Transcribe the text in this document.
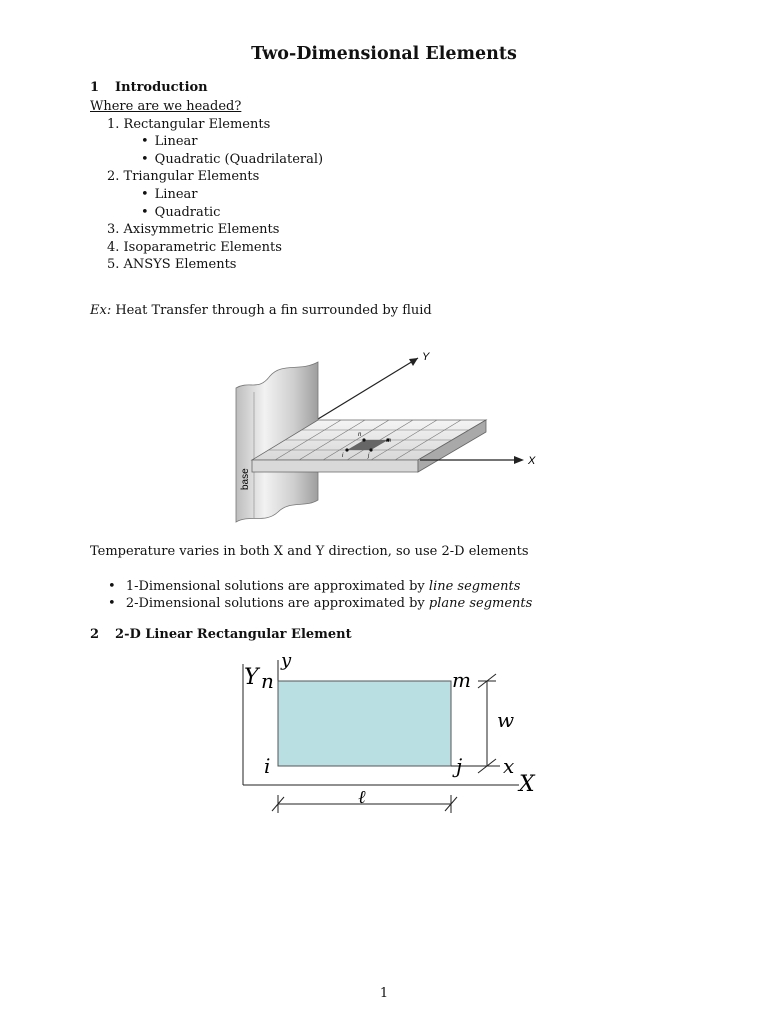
Two-Dimensional Elements
1 Introduction
Where are we headed?
1. Rectangular Elements
• Linear
• Quadratic (Quadrilateral)
2. Triangular Elements
• Linear
• Quadratic
3. Axisymmetric Elements
4. Isoparametric Elements
5. ANSYS Elements
Ex: Heat Transfer through a fin surrounded by fluid
Y
base
n
m
i	j	X
Temperature varies in both X and Y direction, so use 2-D elements
• 1-Dimensional solutions are approximated by line segments
• 2-Dimensional solutions are approximated by plane segments
2 2-D Linear Rectangular Element
Y n
y
m
w
i	j x
X
ℓ
1
